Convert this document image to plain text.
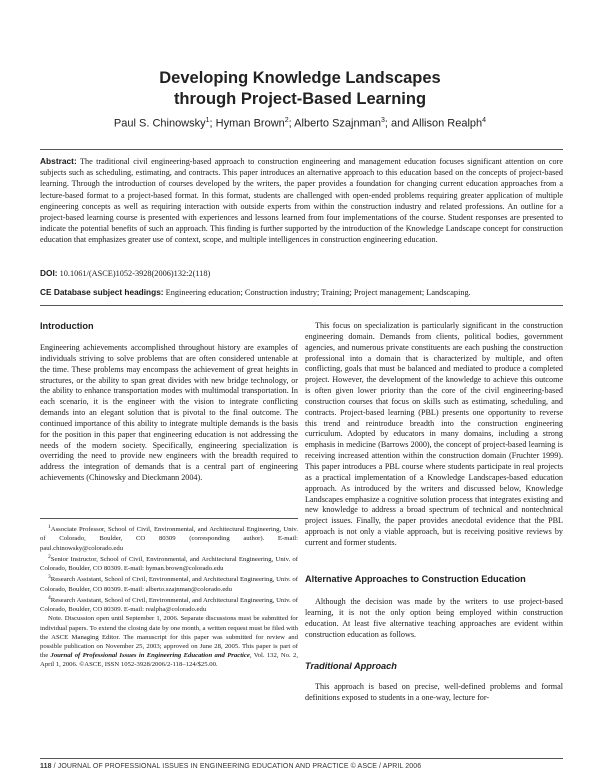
Developing Knowledge Landscapes
through Project-Based Learning
Paul S. Chinowsky$^1$; Hyman Brown$^2$; Alberto Szajnman$^3$; and Allison Realph$^4$

Abstract: The traditional civil engineering-based approach to construction engineering and management education focuses significant attention on core subjects such as scheduling, estimating, and contracts. This paper introduces an alternative approach to this education based on the concepts of project-based learning. Through the introduction of courses developed by the writers, the paper provides a foundation for changing current education approaches from a lecture-based format to a project-based format. In this format, students are challenged with open-ended problems requiring greater application of multiple engineering concepts as well as requiring interaction with outside experts from within the construction industry and related professions. An outline for a project-based learning course is presented with experiences and lessons learned from four implementations of the course. Student responses are presented to indicate the potential benefits of such an approach. This finding is further supported by the introduction of the Knowledge Landscape concept for construction education that emphasizes greater use of context, scope, and multiple intelligences in construction engineering education.

DOI: 10.1061/(ASCE)1052-3928(2006)132:2(118)
CE Database subject headings: Engineering education; Construction industry; Training; Project management; Landscaping.
Introduction

Engineering achievements accomplished throughout history are examples of individuals striving to solve problems that are often considered untenable at the time. These problems may encompass the achievement of great heights in structures, or the ability to span great divides with new bridge technology, or the ability to enhance transportation modes with multimodal transportation. In each scenario, it is the engineer with the vision to integrate conflicting demands into an elegant solution that is pivotal to the final outcome. The continued importance of this ability to integrate multiple demands is the basis for the position in this paper that engineering education is not addressing the needs of the modern society. Specifically, engineering specialization is overriding the need to provide new engineers with the breadth required to address the integration of demands that is a central part of engineering achievements (Chinowsky and Dieckmann 2004).

$^1$Associate Professor, School of Civil, Environmental, and Architectural Engineering, Univ. of Colorado, Boulder, CO 80309 (corresponding author). E-mail: paul.chinowsky@colorado.edu

$^2$Senior Instructor, School of Civil, Environmental, and Architectural Engineering, Univ. of Colorado, Boulder, CO 80309. E-mail: hyman.brown@colorado.edu

$^3$Research Assistant, School of Civil, Environmental, and Architectural Engineering, Univ. of Colorado, Boulder, CO 80309. E-mail: alberto.szajnman@colorado.edu

$^4$Research Assistant, School of Civil, Environmental, and Architectural Engineering, Univ. of Colorado, Boulder, CO 80309. E-mail: realpha@colorado.edu

Note. Discussion open until September 1, 2006. Separate discussions must be submitted for individual papers. To extend the closing date by one month, a written request must be filed with the ASCE Managing Editor. The manuscript for this paper was submitted for review and possible publication on November 25, 2003; approved on June 28, 2005. This paper is part of the Journal of Professional Issues in Engineering Education and Practice, Vol. 132, No. 2, April 1, 2006. ©ASCE, ISSN 1052-3928/2006/2-118–124/$25.00.

This focus on specialization is particularly significant in the construction engineering domain. Demands from clients, political bodies, government agencies, and numerous private constituents are each pushing the construction professional into a domain that is characterized by multiple, and often conflicting, goals that must be balanced and mediated to produce a completed project. However, the development of the knowledge to achieve this outcome is often given lower priority than the core of the civil engineering-based construction courses that focus on skills such as estimating, scheduling, and contracts. Project-based learning (PBL) presents one opportunity to reverse this trend and reintroduce breadth into the construction engineering curriculum. Adopted by educators in many domains, including a strong emphasis in medicine (Barrows 2000), the concept of project-based learning is receiving increased attention within the construction domain (Fruchter 1999). This paper introduces a PBL course where students participate in real projects as a practical implementation of a Knowledge Landscapes-based education approach. As introduced by the writers and discussed below, Knowledge Landscapes emphasize a cognitive solution process that integrates existing and new knowledge to address a broad spectrum of technical and nontechnical project issues. Finally, the paper provides anecdotal evidence that the PBL approach is not only a viable approach, but is receiving positive reviews by current and former students.

Alternative Approaches to Construction Education

Although the decision was made by the writers to use project-based learning, it is not the only option being employed within construction education. At least five alternative teaching approaches are evident within construction education as follows.

Traditional Approach

This approach is based on precise, well-defined problems and formal definitions exposed to students in a one-way, lecture for-

118 / JOURNAL OF PROFESSIONAL ISSUES IN ENGINEERING EDUCATION AND PRACTICE © ASCE / APRIL 2006
